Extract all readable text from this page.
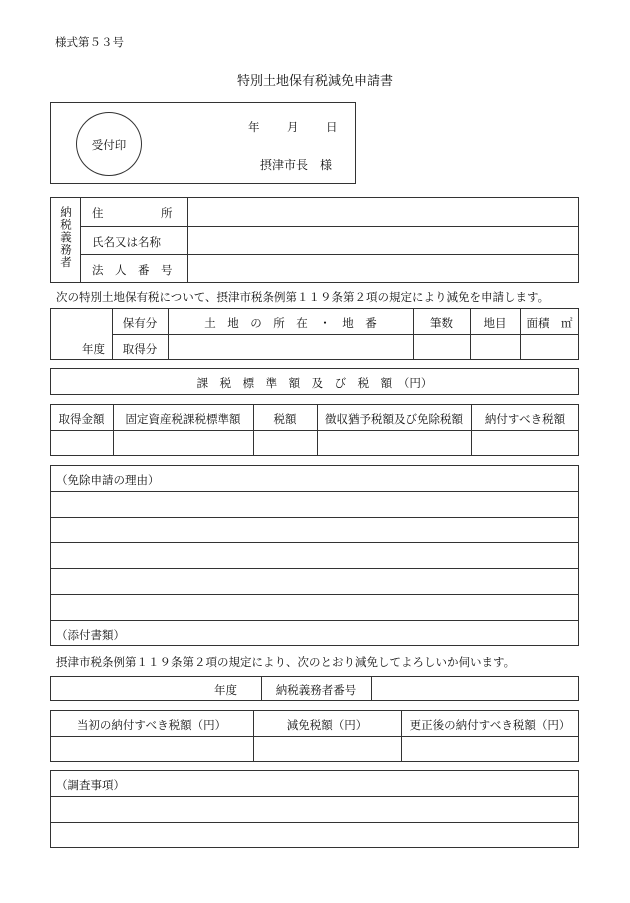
様式第５３号
特別土地保有税減免申請書
受付印
年 月 日
摂津市長　様
納税義務者 住　　　　　所
氏名又は名称
法　人　番　号
次の特別土地保有税について、摂津市税条例第１１９条第２項の規定により減免を申請します。
保有分
取得分
年度
土　地　の　所　在　・　地　番	筆数	地目	面積　㎡
課　税　標　準　額　及　び　税　額　（円）
取得金額	固定資産税課税標準額	税額	徴収猶予税額及び免除税額	納付すべき税額
（免除申請の理由）
（添付書類）
摂津市税条例第１１９条第２項の規定により、次のとおり減免してよろしいか伺います。
年度	納税義務者番号
当初の納付すべき税額（円）	減免税額（円）	更正後の納付すべき税額（円）
（調査事項）
